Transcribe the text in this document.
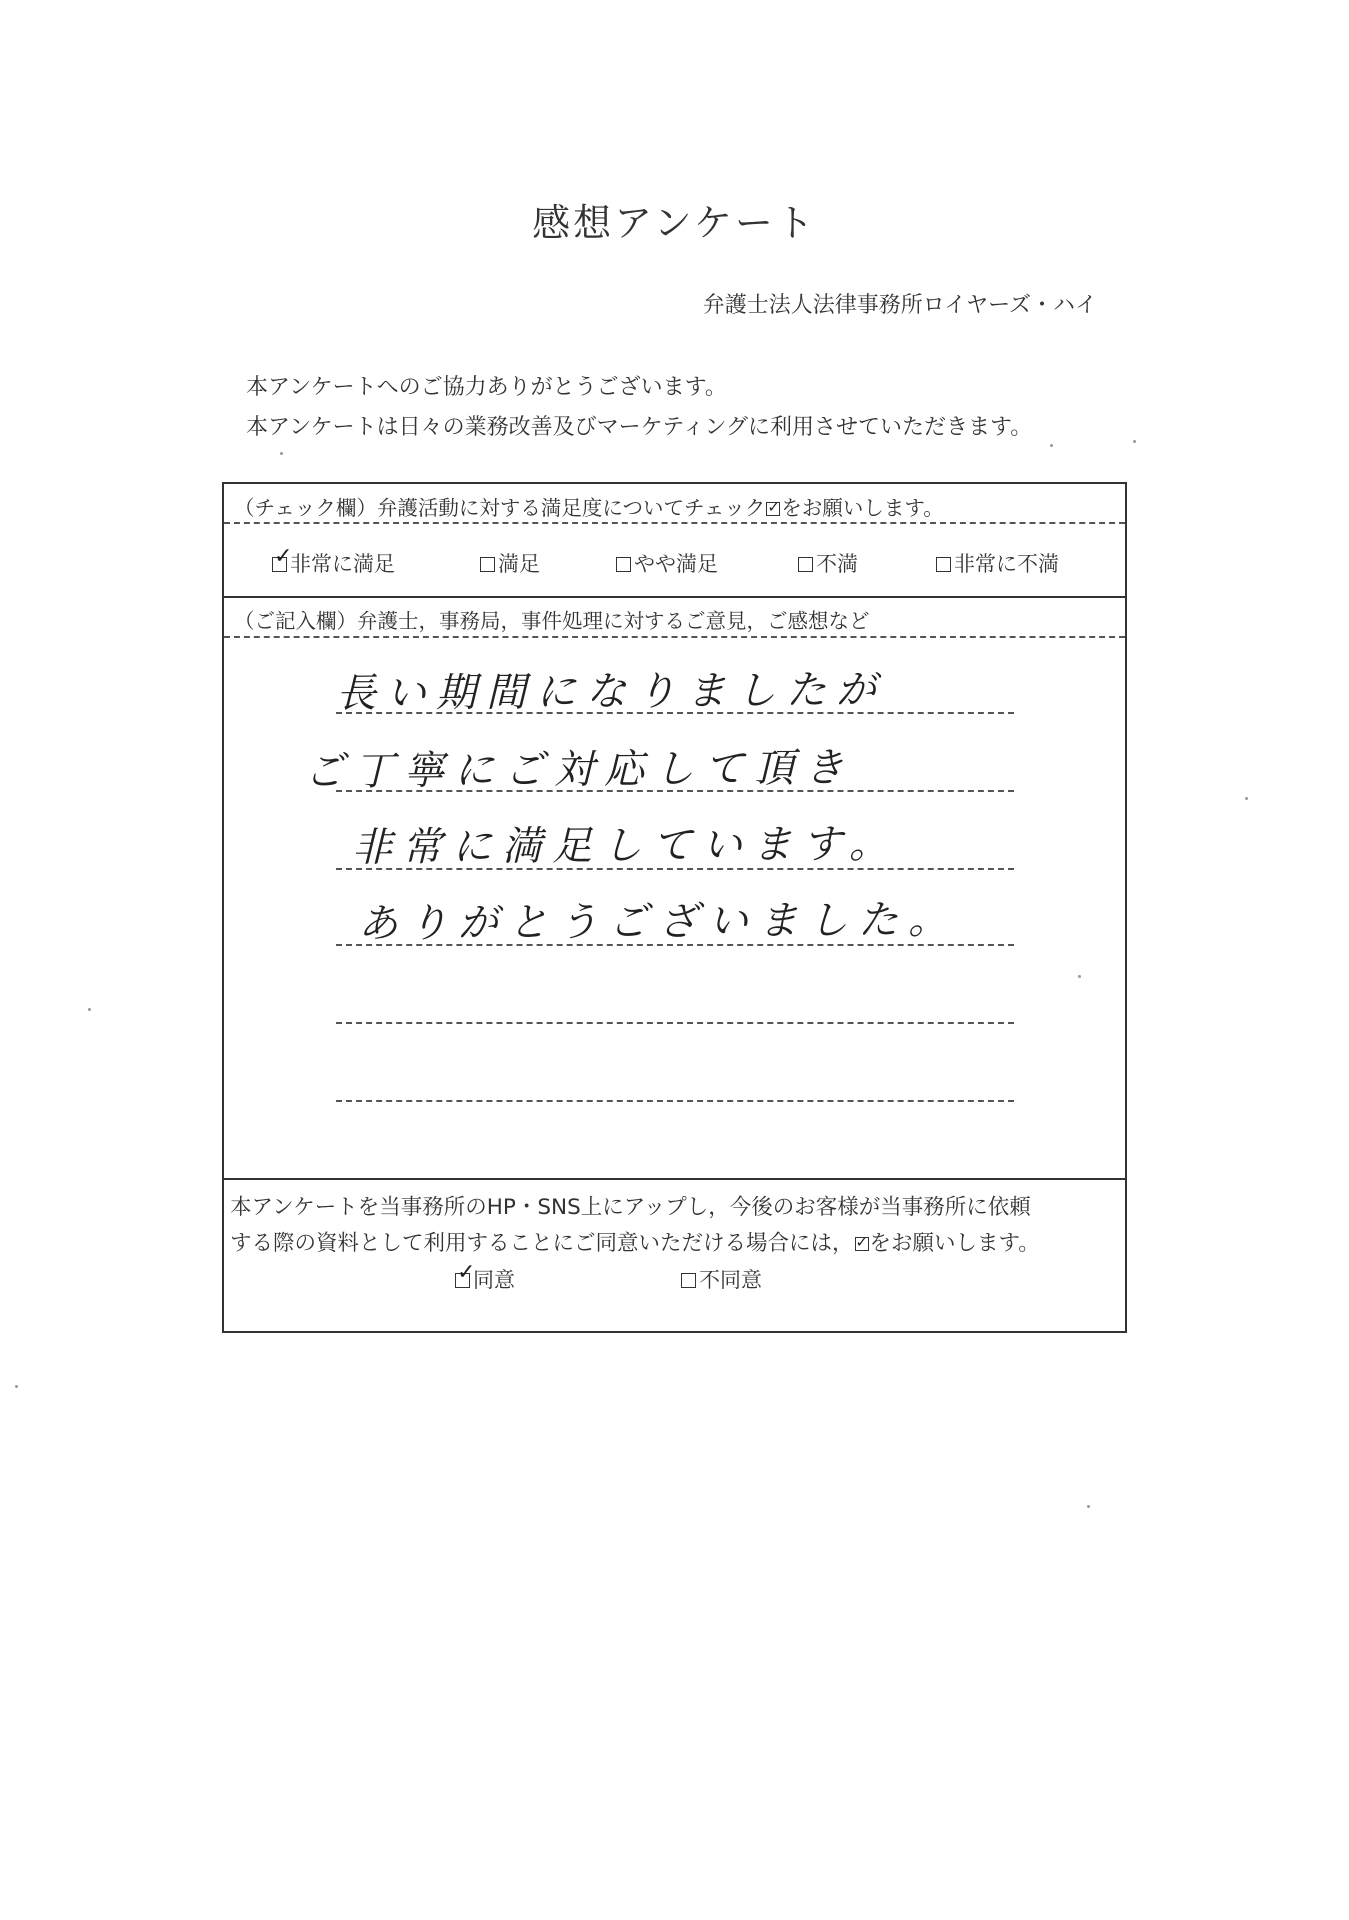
感想アンケート
弁護士法人法律事務所ロイヤーズ・ハイ
本アンケートへのご協力ありがとうございます。
本アンケートは日々の業務改善及びマーケティングに利用させていただきます。
（チェック欄）弁護活動に対する満足度についてチェック ✓ をお願いします。
✓
非常に満足	満足	やや満足	不満	非常に不満
（ご記入欄）弁護士，事務局，事件処理に対するご意見，ご感想など
長い期間になりましたが
ご丁寧にご対応して頂き
非常に満足しています。
ありがとうございました。
本アンケートを当事務所のHP・SNS上にアップし，今後のお客様が当事務所に依頼
する際の資料として利用することにご同意いただける場合には， ✓ をお願いします。
✓
同意	不同意
